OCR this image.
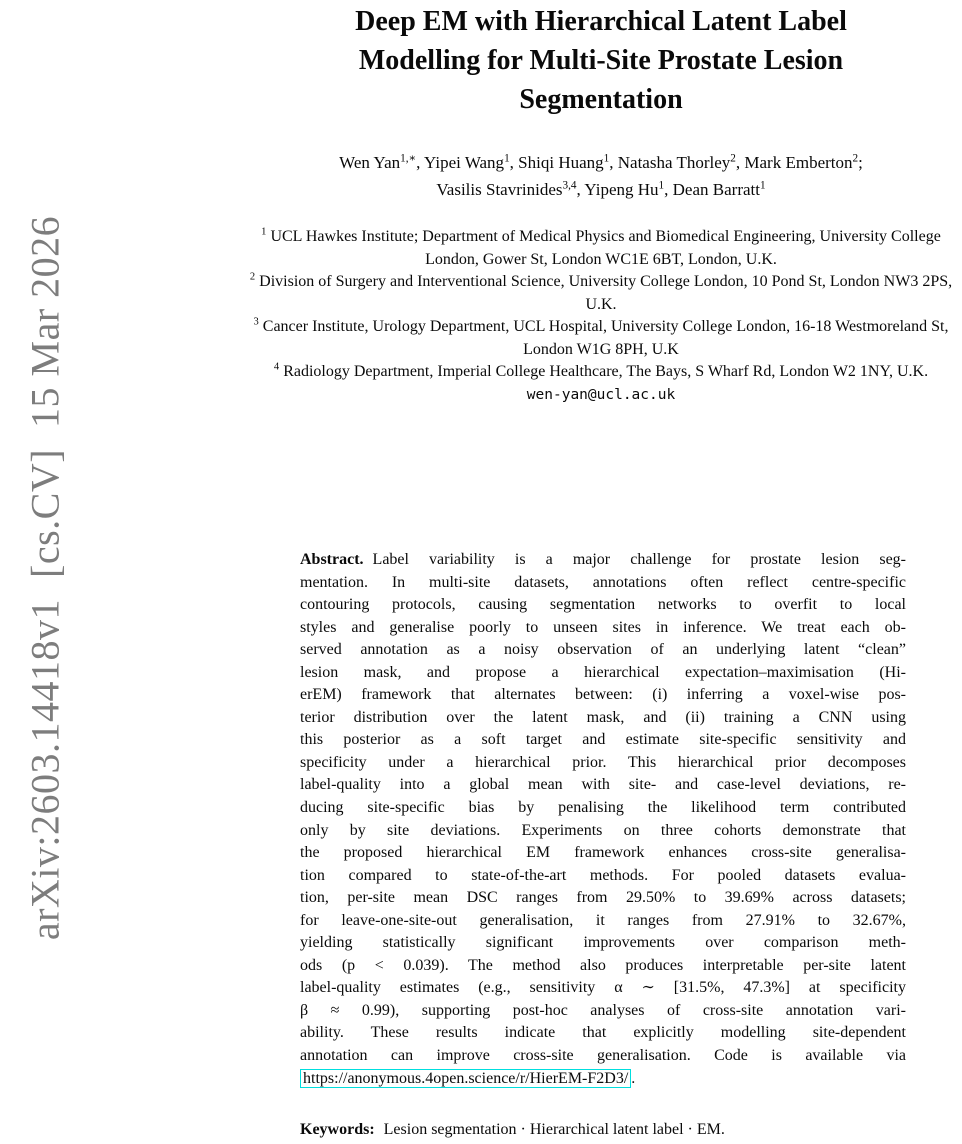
arXiv:2603.14418v1  [cs.CV]  15 Mar 2026
Deep EM with Hierarchical Latent Label
Modelling for Multi-Site Prostate Lesion
Segmentation
Wen Yan$^{1,∗}$, Yipei Wang$^1$, Shiqi Huang$^1$, Natasha Thorley$^2$, Mark Emberton$^2$;
Vasilis Stavrinides$^{3,4}$, Yipeng Hu$^1$, Dean Barratt$^1$
$^1$ UCL Hawkes Institute; Department of Medical Physics and Biomedical Engineering, University College London, Gower St, London WC1E 6BT, London, U.K.
$^2$ Division of Surgery and Interventional Science, University College London, 10 Pond St, London NW3 2PS, U.K.
$^3$ Cancer Institute, Urology Department, UCL Hospital, University College London, 16-18 Westmoreland St, London W1G 8PH, U.K
$^4$ Radiology Department, Imperial College Healthcare, The Bays, S Wharf Rd, London W2 1NY, U.K.
wen-yan@ucl.ac.uk
Abstract. Label variability is a major challenge for prostate lesion seg-
mentation. In multi-site datasets, annotations often reflect centre-specific
contouring protocols, causing segmentation networks to overfit to local
styles and generalise poorly to unseen sites in inference. We treat each ob-
served annotation as a noisy observation of an underlying latent “clean”
lesion mask, and propose a hierarchical expectation–maximisation (Hi-
erEM) framework that alternates between: (i) inferring a voxel-wise pos-
terior distribution over the latent mask, and (ii) training a CNN using
this posterior as a soft target and estimate site-specific sensitivity and
specificity under a hierarchical prior. This hierarchical prior decomposes
label-quality into a global mean with site- and case-level deviations, re-
ducing site-specific bias by penalising the likelihood term contributed
only by site deviations. Experiments on three cohorts demonstrate that
the proposed hierarchical EM framework enhances cross-site generalisa-
tion compared to state-of-the-art methods. For pooled datasets evalua-
tion, per-site mean DSC ranges from 29.50% to 39.69% across datasets;
for leave-one-site-out generalisation, it ranges from 27.91% to 32.67%,
yielding statistically significant improvements over comparison meth-
ods (p < 0.039). The method also produces interpretable per-site latent
label-quality estimates (e.g., sensitivity α ∼ [31.5%, 47.3%] at specificity
β ≈ 0.99), supporting post-hoc analyses of cross-site annotation vari-
ability. These results indicate that explicitly modelling site-dependent
annotation can improve cross-site generalisation. Code is available via
https://anonymous.4open.science/r/HierEM-F2D3/ .
Keywords: Lesion segmentation · Hierarchical latent label · EM.
